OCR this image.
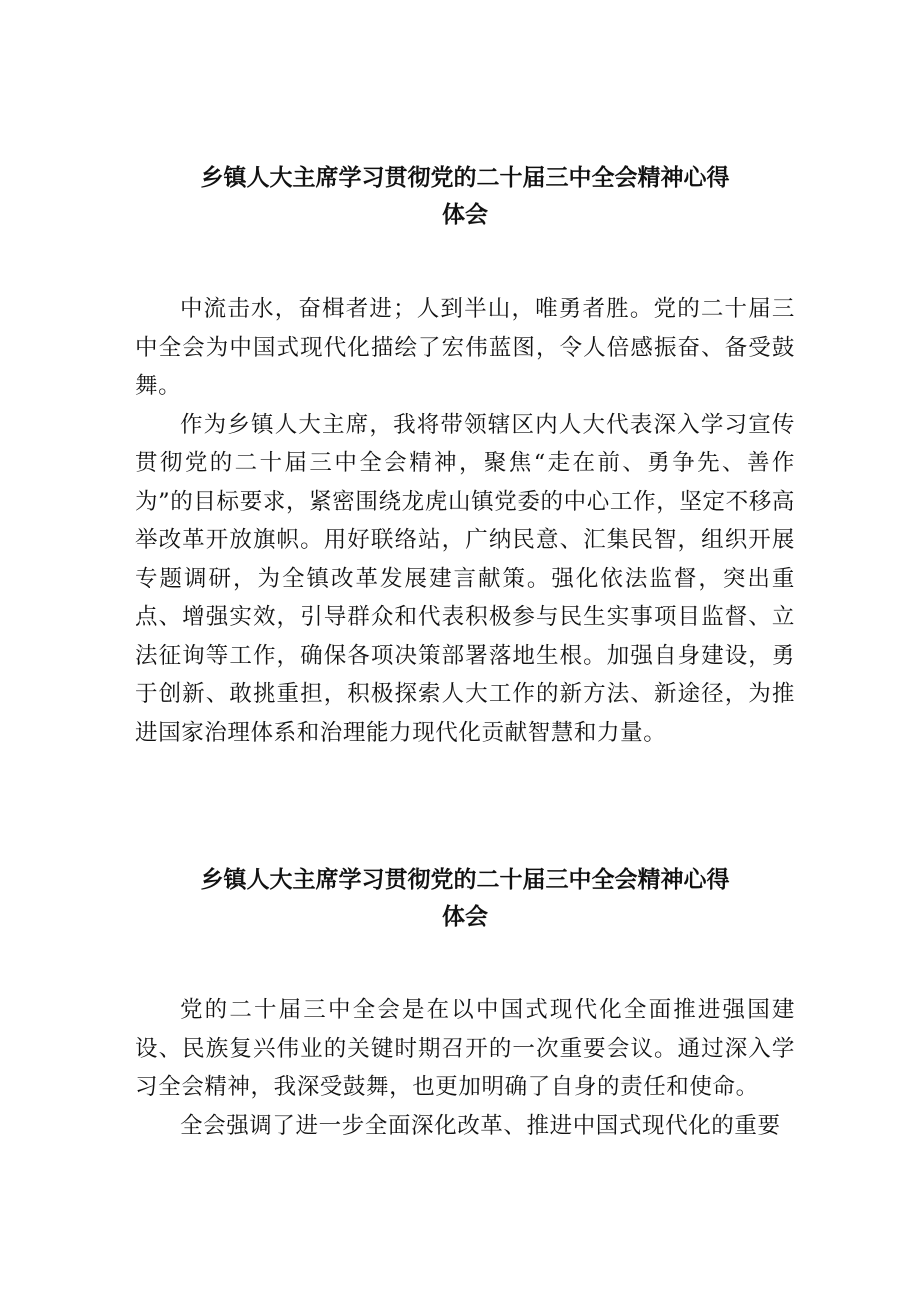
乡镇人大主席学习贯彻党的二十届三中全会精神心得
体会

中流击水，奋楫者进；人到半山，唯勇者胜。党的二十届三中全会为中国式现代化描绘了宏伟蓝图，令人倍感振奋、备受鼓舞。

作为乡镇人大主席，我将带领辖区内人大代表深入学习宣传贯彻党的二十届三中全会精神，聚焦“走在前、勇争先、善作为”的目标要求，紧密围绕龙虎山镇党委的中心工作，坚定不移高举改革开放旗帜。用好联络站，广纳民意、汇集民智，组织开展专题调研，为全镇改革发展建言献策。强化依法监督，突出重点、增强实效，引导群众和代表积极参与民生实事项目监督、立法征询等工作，确保各项决策部署落地生根。加强自身建设，勇于创新、敢挑重担，积极探索人大工作的新方法、新途径，为推进国家治理体系和治理能力现代化贡献智慧和力量。

乡镇人大主席学习贯彻党的二十届三中全会精神心得
体会

党的二十届三中全会是在以中国式现代化全面推进强国建设、民族复兴伟业的关键时期召开的一次重要会议。通过深入学习全会精神，我深受鼓舞，也更加明确了自身的责任和使命。

全会强调了进一步全面深化改革、推进中国式现代化的重要
